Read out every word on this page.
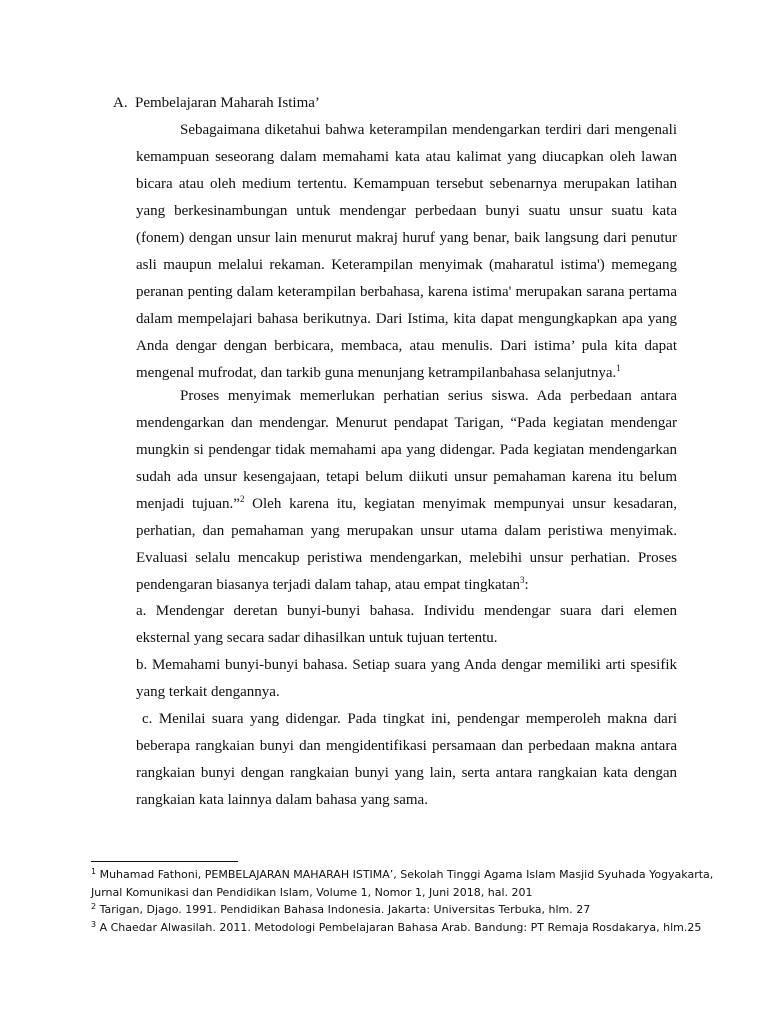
A. Pembelajaran Maharah Istima’
Sebagaimana diketahui bahwa keterampilan mendengarkan terdiri dari mengenali
kemampuan seseorang dalam memahami kata atau kalimat yang diucapkan oleh lawan
bicara atau oleh medium tertentu. Kemampuan tersebut sebenarnya merupakan latihan
yang berkesinambungan untuk mendengar perbedaan bunyi suatu unsur suatu kata
(fonem) dengan unsur lain menurut makraj huruf yang benar, baik langsung dari penutur
asli maupun melalui rekaman. Keterampilan menyimak (maharatul istima') memegang
peranan penting dalam keterampilan berbahasa, karena istima' merupakan sarana pertama
dalam mempelajari bahasa berikutnya. Dari Istima, kita dapat mengungkapkan apa yang
Anda dengar dengan berbicara, membaca, atau menulis. Dari istima’ pula kita dapat
mengenal mufrodat, dan tarkib guna menunjang ketrampilanbahasa selanjutnya.$^1$
Proses menyimak memerlukan perhatian serius siswa. Ada perbedaan antara
mendengarkan dan mendengar. Menurut pendapat Tarigan, “Pada kegiatan mendengar
mungkin si pendengar tidak memahami apa yang didengar. Pada kegiatan mendengarkan
sudah ada unsur kesengajaan, tetapi belum diikuti unsur pemahaman karena itu belum
menjadi tujuan.”$^2$ Oleh karena itu, kegiatan menyimak mempunyai unsur kesadaran,
perhatian, dan pemahaman yang merupakan unsur utama dalam peristiwa menyimak.
Evaluasi selalu mencakup peristiwa mendengarkan, melebihi unsur perhatian. Proses
pendengaran biasanya terjadi dalam tahap, atau empat tingkatan$^3$:
a. Mendengar deretan bunyi-bunyi bahasa. Individu mendengar suara dari elemen
eksternal yang secara sadar dihasilkan untuk tujuan tertentu.
b. Memahami bunyi-bunyi bahasa. Setiap suara yang Anda dengar memiliki arti spesifik
yang terkait dengannya.
c. Menilai suara yang didengar. Pada tingkat ini, pendengar memperoleh makna dari
beberapa rangkaian bunyi dan mengidentifikasi persamaan dan perbedaan makna antara
rangkaian bunyi dengan rangkaian bunyi yang lain, serta antara rangkaian kata dengan
rangkaian kata lainnya dalam bahasa yang sama.
$^1$ Muhamad Fathoni, PEMBELAJARAN MAHARAH ISTIMA’, Sekolah Tinggi Agama Islam Masjid Syuhada Yogyakarta,
Jurnal Komunikasi dan Pendidikan Islam, Volume 1, Nomor 1, Juni 2018, hal. 201
$^2$ Tarigan, Djago. 1991. Pendidikan Bahasa Indonesia. Jakarta: Universitas Terbuka, hlm. 27
$^3$ A Chaedar Alwasilah. 2011. Metodologi Pembelajaran Bahasa Arab. Bandung: PT Remaja Rosdakarya, hlm.25
